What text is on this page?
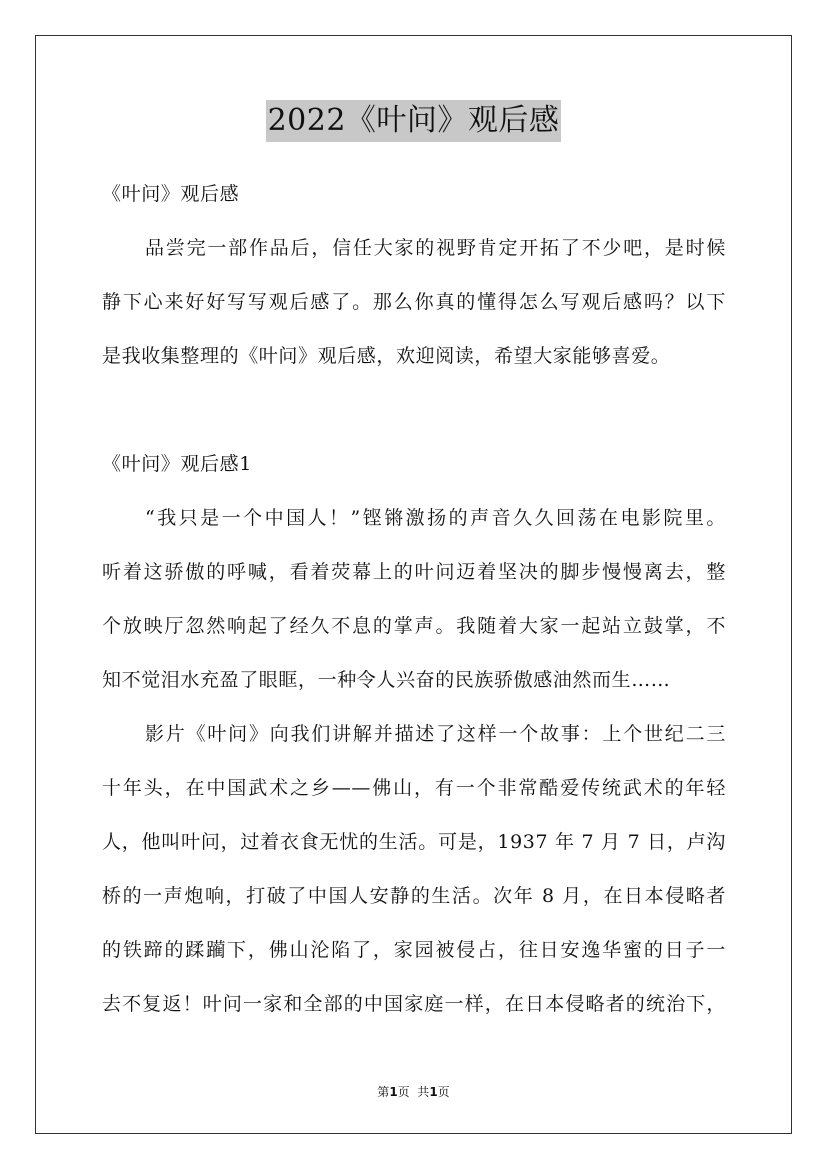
2022《叶问》观后感
《叶问》观后感
品尝完一部作品后，信任大家的视野肯定开拓了不少吧，是时候
静下心来好好写写观后感了。那么你真的懂得怎么写观后感吗？以下
是我收集整理的《叶问》观后感，欢迎阅读，希望大家能够喜爱。
《叶问》观后感1
“我只是一个中国人！”铿锵激扬的声音久久回荡在电影院里。
听着这骄傲的呼喊，看着荧幕上的叶问迈着坚决的脚步慢慢离去，整
个放映厅忽然响起了经久不息的掌声。我随着大家一起站立鼓掌，不
知不觉泪水充盈了眼眶，一种令人兴奋的民族骄傲感油然而生……
影片《叶问》向我们讲解并描述了这样一个故事：上个世纪二三
十年头，在中国武术之乡——佛山，有一个非常酷爱传统武术的年轻
人，他叫叶问，过着衣食无忧的生活。可是，1937 年 7 月 7 日，卢沟
桥的一声炮响，打破了中国人安静的生活。次年 8 月，在日本侵略者
的铁蹄的蹂躏下，佛山沦陷了，家园被侵占，往日安逸华蜜的日子一
去不复返！叶问一家和全部的中国家庭一样，在日本侵略者的统治下，
第1页  共1页
